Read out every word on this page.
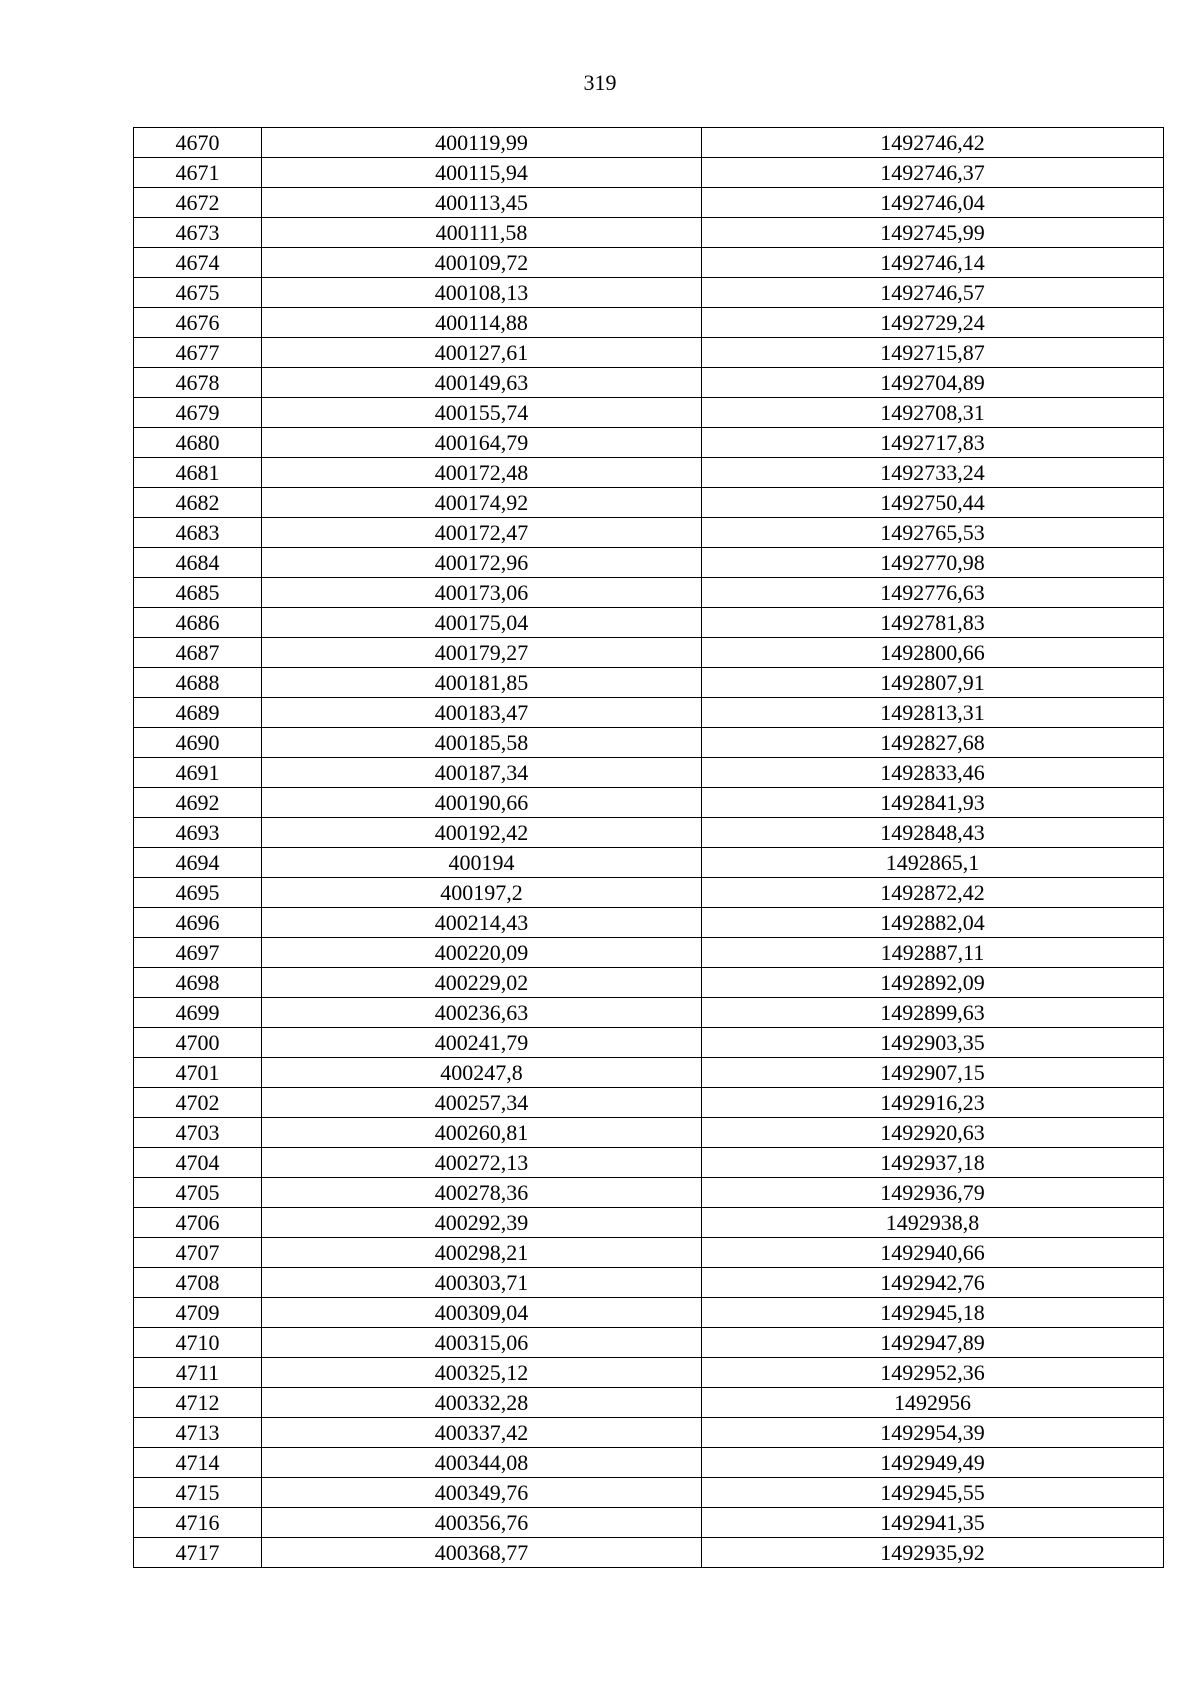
319
4670	400119,99	1492746,42
4671	400115,94	1492746,37
4672	400113,45	1492746,04
4673	400111,58	1492745,99
4674	400109,72	1492746,14
4675	400108,13	1492746,57
4676	400114,88	1492729,24
4677	400127,61	1492715,87
4678	400149,63	1492704,89
4679	400155,74	1492708,31
4680	400164,79	1492717,83
4681	400172,48	1492733,24
4682	400174,92	1492750,44
4683	400172,47	1492765,53
4684	400172,96	1492770,98
4685	400173,06	1492776,63
4686	400175,04	1492781,83
4687	400179,27	1492800,66
4688	400181,85	1492807,91
4689	400183,47	1492813,31
4690	400185,58	1492827,68
4691	400187,34	1492833,46
4692	400190,66	1492841,93
4693	400192,42	1492848,43
4694	400194	1492865,1
4695	400197,2	1492872,42
4696	400214,43	1492882,04
4697	400220,09	1492887,11
4698	400229,02	1492892,09
4699	400236,63	1492899,63
4700	400241,79	1492903,35
4701	400247,8	1492907,15
4702	400257,34	1492916,23
4703	400260,81	1492920,63
4704	400272,13	1492937,18
4705	400278,36	1492936,79
4706	400292,39	1492938,8
4707	400298,21	1492940,66
4708	400303,71	1492942,76
4709	400309,04	1492945,18
4710	400315,06	1492947,89
4711	400325,12	1492952,36
4712	400332,28	1492956
4713	400337,42	1492954,39
4714	400344,08	1492949,49
4715	400349,76	1492945,55
4716	400356,76	1492941,35
4717	400368,77	1492935,92
